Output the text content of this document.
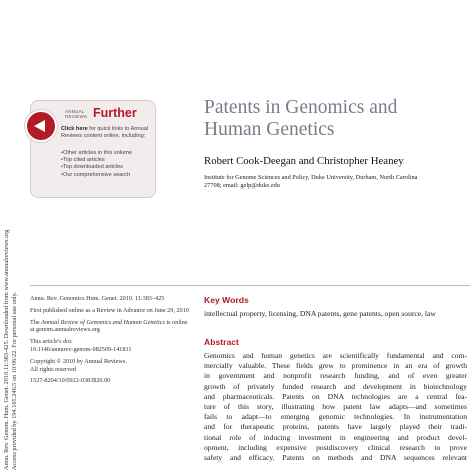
Annu. Rev. Genom. Hum. Genet. 2010.11:383-425. Downloaded from www.annualreviews.org Access provided by 194.165.246.5 on 10/06/22. For personal use only.
ANNUAL
REVIEWS Further
Click here for quick links to Annual Reviews content online, including:
• Other articles in this volume
• Top cited articles
• Top downloaded articles
• Our comprehensive search
Patents in Genomics and
Human Genetics
Robert Cook-Deegan and Christopher Heaney
Institute for Genome Sciences and Policy, Duke University, Durham, North Carolina
27708; email: gelp@duke.edu

Annu. Rev. Genomics Hum. Genet. 2010. 11:383–425

First published online as a Review in Advance on June 29, 2010

The Annual Review of Genomics and Human Genetics is online at genom.annualreviews.org

This article's doi:
10.1146/annurev-genom-082509-141811

Copyright © 2010 by Annual Reviews.
All rights reserved

1527-8204/10/0922-0383$20.00

Key Words
intellectual property, licensing, DNA patents, gene patents, open source, law
Abstract
Genomics and human genetics are scientifically fundamental and com-
mercially valuable. These fields grew to prominence in an era of growth
in government and nonprofit research funding, and of even greater
growth of privately funded research and development in biotechnology
and pharmaceuticals. Patents on DNA technologies are a central fea-
ture of this story, illustrating how patent law adapts—and sometimes
fails to adapt—to emerging genomic technologies. In instrumentation
and for therapeutic proteins, patents have largely played their tradi-
tional role of inducing investment in engineering and product devel-
opment, including expensive postdiscovery clinical research to prove
safety and efficacy. Patents on methods and DNA sequences relevant
